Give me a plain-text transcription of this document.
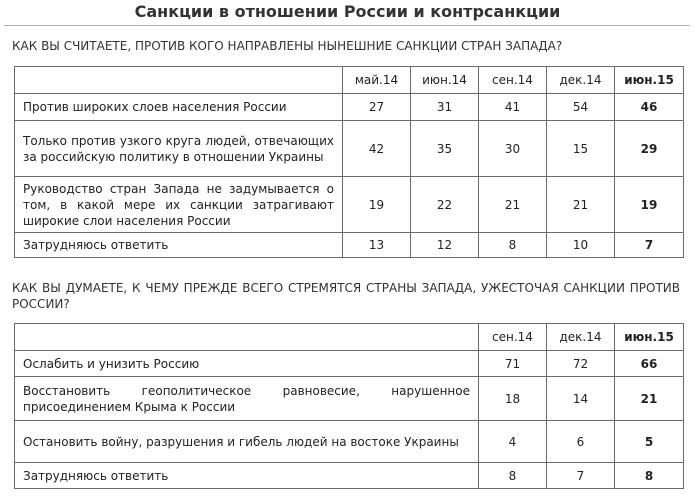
Санкции в отношении России и контрсанкции
КАК ВЫ СЧИТАЕТЕ, ПРОТИВ КОГО НАПРАВЛЕНЫ НЫНЕШНИЕ САНКЦИИ СТРАН ЗАПАДА?
	май.14	июн.14	сен.14	дек.14	июн.15
Против широких слоев населения России	27	31	41	54	46
Только против узкого круга людей, отвечающих за российскую политику в отношении Украины	42	35	30	15	29
Руководство стран Запада не задумывается о том, в какой мере их санкции затрагивают широкие слои населения России	19	22	21	21	19
Затрудняюсь ответить	13	12	8	10	7
КАК ВЫ ДУМАЕТЕ, К ЧЕМУ ПРЕЖДЕ ВСЕГО СТРЕМЯТСЯ СТРАНЫ ЗАПАДА, УЖЕСТОЧАЯ САНКЦИИ ПРОТИВ РОССИИ?
	сен.14	дек.14	июн.15
Ослабить и унизить Россию	71	72	66
Восстановить геополитическое равновесие, нарушенное присоединением Крыма к России	18	14	21
Остановить войну, разрушения и гибель людей на востоке Украины	4	6	5
Затрудняюсь ответить	8	7	8
